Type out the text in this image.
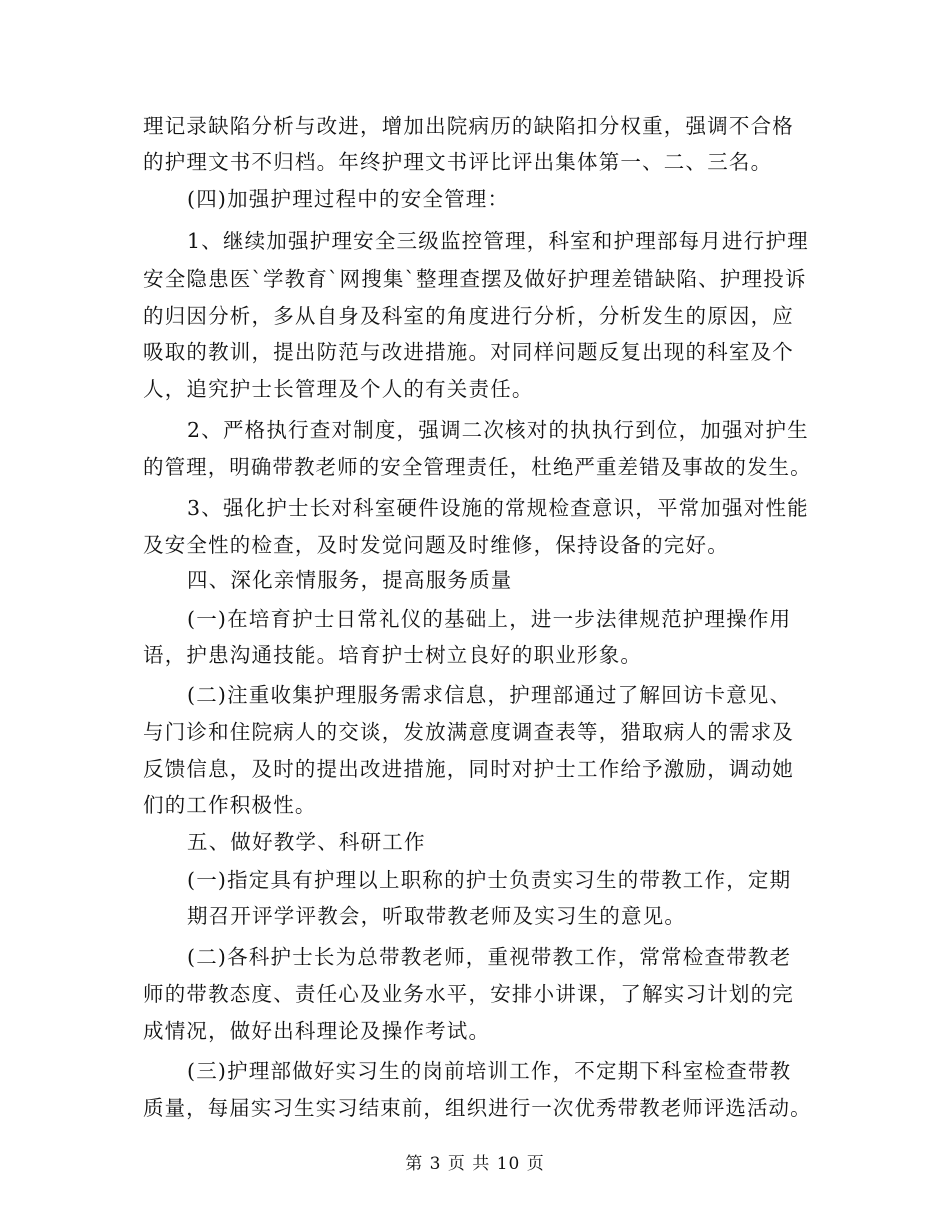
理记录缺陷分析与改进，增加出院病历的缺陷扣分权重，强调不合格
的护理文书不归档。年终护理文书评比评出集体第一、二、三名。
(四)加强护理过程中的安全管理：
1、继续加强护理安全三级监控管理，科室和护理部每月进行护理
安全隐患医`学教育`网搜集`整理查摆及做好护理差错缺陷、护理投诉
的归因分析，多从自身及科室的角度进行分析，分析发生的原因，应
吸取的教训，提出防范与改进措施。对同样问题反复出现的科室及个
人，追究护士长管理及个人的有关责任。
2、严格执行查对制度，强调二次核对的执执行到位，加强对护生
的管理，明确带教老师的安全管理责任，杜绝严重差错及事故的发生。
3、强化护士长对科室硬件设施的常规检查意识，平常加强对性能
及安全性的检查，及时发觉问题及时维修，保持设备的完好。
四、深化亲情服务，提高服务质量
(一)在培育护士日常礼仪的基础上，进一步法律规范护理操作用
语，护患沟通技能。培育护士树立良好的职业形象。
(二)注重收集护理服务需求信息，护理部通过了解回访卡意见、
与门诊和住院病人的交谈，发放满意度调查表等，猎取病人的需求及
反馈信息，及时的提出改进措施，同时对护士工作给予激励，调动她
们的工作积极性。
五、做好教学、科研工作
(一)指定具有护理以上职称的护士负责实习生的带教工作，定期
期召开评学评教会，听取带教老师及实习生的意见。
(二)各科护士长为总带教老师，重视带教工作，常常检查带教老
师的带教态度、责任心及业务水平，安排小讲课，了解实习计划的完
成情况，做好出科理论及操作考试。
(三)护理部做好实习生的岗前培训工作，不定期下科室检查带教
质量，每届实习生实习结束前，组织进行一次优秀带教老师评选活动。
第 3 页 共 10 页
